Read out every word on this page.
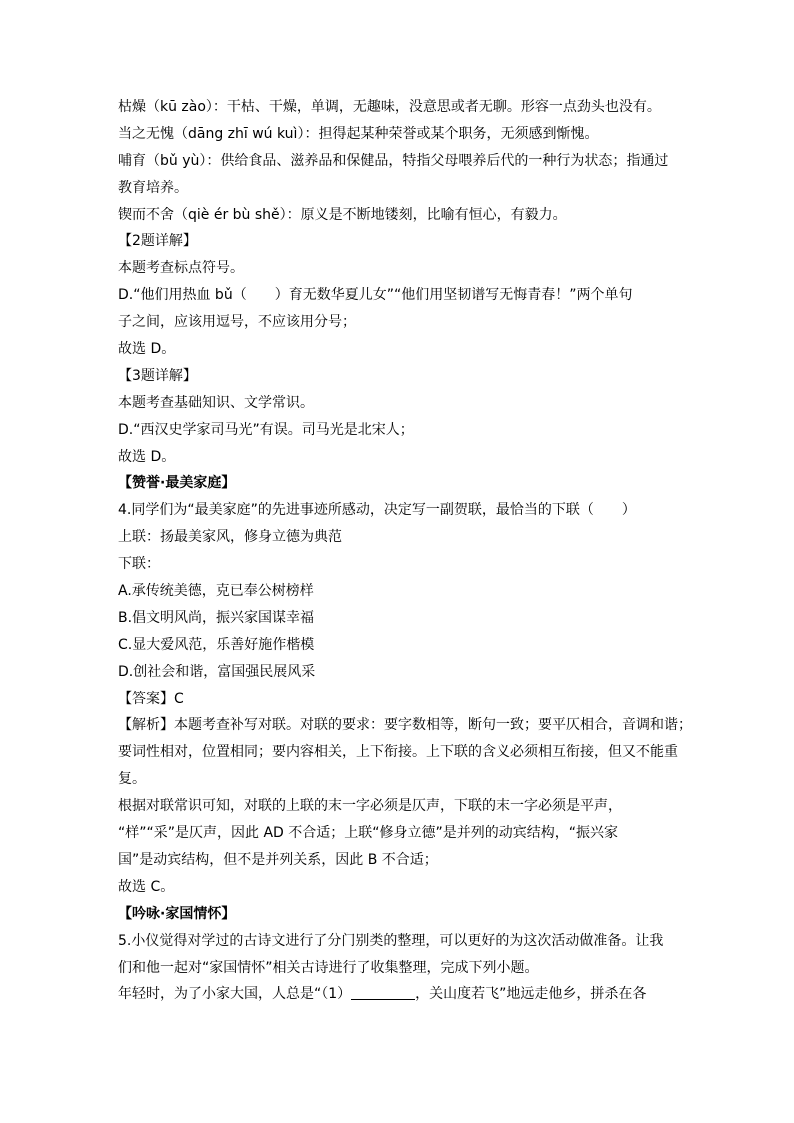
枯燥（kū zào）：干枯、干燥，单调，无趣味，没意思或者无聊。形容一点劲头也没有。
当之无愧（dāng zhī wú kuì）：担得起某种荣誉或某个职务，无须感到惭愧。
哺育（bǔ yù）：供给食品、滋养品和保健品，特指父母喂养后代的一种行为状态；指通过
教育培养。
锲而不舍（qiè ér bù shě）：原义是不断地镂刻，比喻有恒心，有毅力。
【2题详解】
本题考查标点符号。
D.“他们用热血 bǔ（　　）育无数华夏儿女”“他们用坚韧谱写无悔青春！”两个单句
子之间，应该用逗号，不应该用分号；
故选 D。
【3题详解】
本题考查基础知识、文学常识。
D.“西汉史学家司马光”有误。司马光是北宋人；
故选 D。
【赞誉·最美家庭】
4.同学们为“最美家庭”的先进事迹所感动，决定写一副贺联，最恰当的下联（　　）
上联：扬最美家风，修身立德为典范
下联：
A.承传统美德，克已奉公树榜样
B.倡文明风尚，振兴家国谋幸福
C.显大爱风范，乐善好施作楷模
D.创社会和谐，富国强民展风采
【答案】C
【解析】本题考查补写对联。对联的要求：要字数相等，断句一致；要平仄相合，音调和谐；
要词性相对，位置相同；要内容相关，上下衔接。上下联的含义必须相互衔接，但又不能重
复。
根据对联常识可知，对联的上联的末一字必须是仄声，下联的末一字必须是平声，
“样”“采”是仄声，因此 AD 不合适；上联“修身立德”是并列的动宾结构，“振兴家
国”是动宾结构，但不是并列关系，因此 B 不合适；
故选 C。
【吟咏·家国情怀】
5.小仪觉得对学过的古诗文进行了分门别类的整理，可以更好的为这次活动做准备。让我
们和他一起对“家国情怀”相关古诗进行了收集整理，完成下列小题。
年轻时，为了小家大国，人总是“（1）	，关山度若飞”地远走他乡，拼杀在各
